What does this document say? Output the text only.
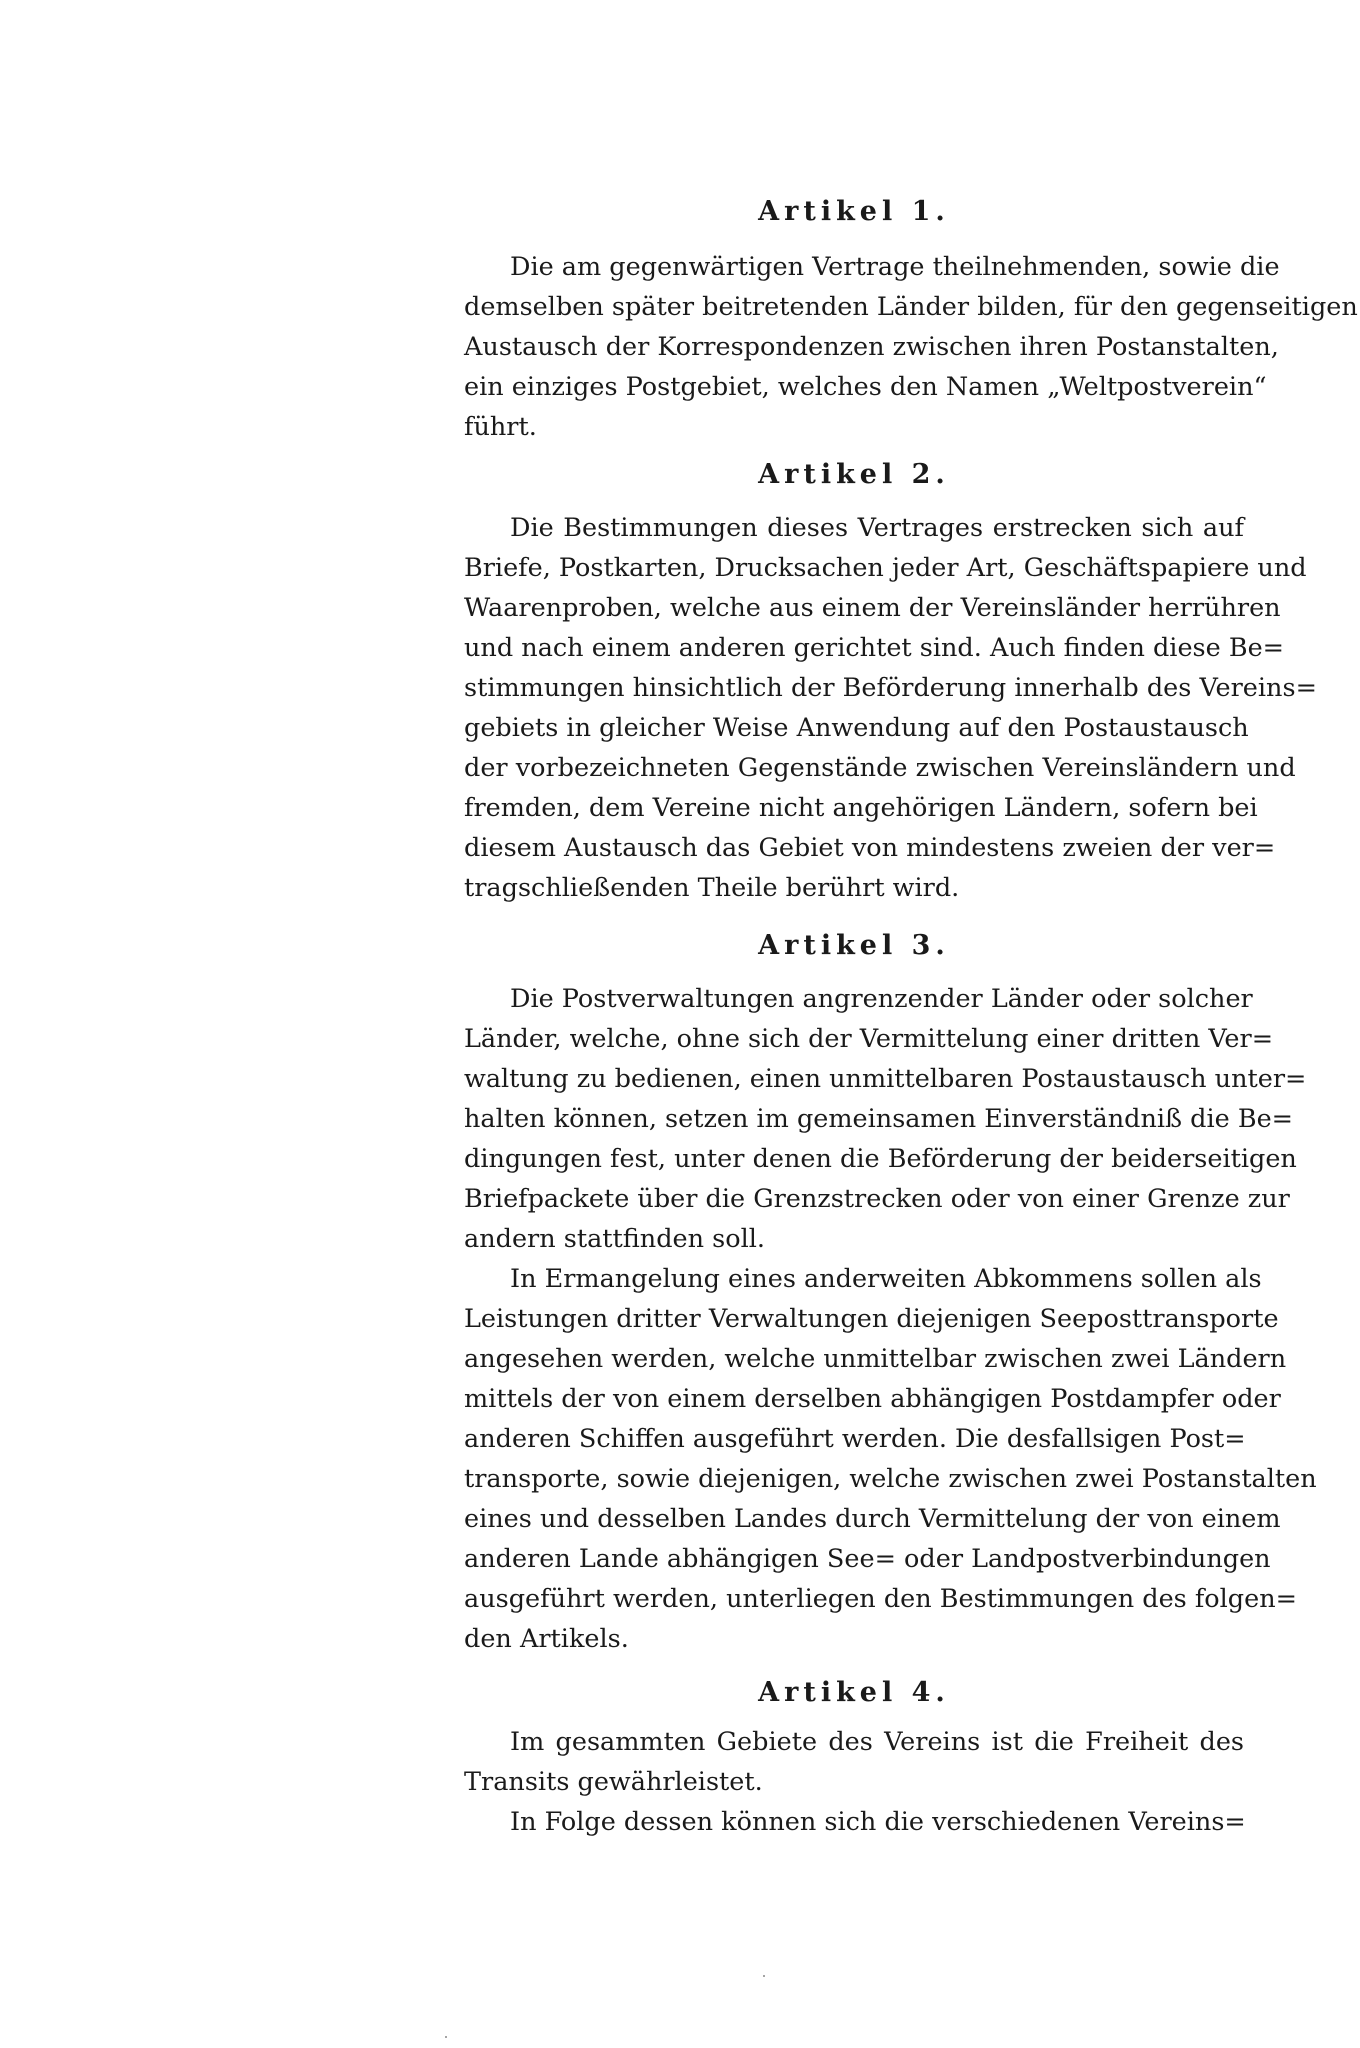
Artikel 1.

Die am gegenwärtigen Vertrage theilnehmenden, sowie die
demselben später beitretenden Länder bilden, für den gegenseitigen
Austausch der Korrespondenzen zwischen ihren Postanstalten,
ein einziges Postgebiet, welches den Namen „Weltpostverein“
führt.

Artikel 2.

Die Bestimmungen dieses Vertrages erstrecken sich auf
Briefe, Postkarten, Drucksachen jeder Art, Geschäftspapiere und
Waarenproben, welche aus einem der Vereinsländer herrühren
und nach einem anderen gerichtet sind. Auch finden diese Be=
stimmungen hinsichtlich der Beförderung innerhalb des Vereins=
gebiets in gleicher Weise Anwendung auf den Postaustausch
der vorbezeichneten Gegenstände zwischen Vereinsländern und
fremden, dem Vereine nicht angehörigen Ländern, sofern bei
diesem Austausch das Gebiet von mindestens zweien der ver=
tragschließenden Theile berührt wird.

Artikel 3.

Die Postverwaltungen angrenzender Länder oder solcher
Länder, welche, ohne sich der Vermittelung einer dritten Ver=
waltung zu bedienen, einen unmittelbaren Postaustausch unter=
halten können, setzen im gemeinsamen Einverständniß die Be=
dingungen fest, unter denen die Beförderung der beiderseitigen
Briefpackete über die Grenzstrecken oder von einer Grenze zur
andern stattfinden soll.

In Ermangelung eines anderweiten Abkommens sollen als
Leistungen dritter Verwaltungen diejenigen Seeposttransporte
angesehen werden, welche unmittelbar zwischen zwei Ländern
mittels der von einem derselben abhängigen Postdampfer oder
anderen Schiffen ausgeführt werden. Die desfallsigen Post=
transporte, sowie diejenigen, welche zwischen zwei Postanstalten
eines und desselben Landes durch Vermittelung der von einem
anderen Lande abhängigen See= oder Landpostverbindungen
ausgeführt werden, unterliegen den Bestimmungen des folgen=
den Artikels.

Artikel 4.

Im gesammten Gebiete des Vereins ist die Freiheit des
Transits gewährleistet.

In Folge dessen können sich die verschiedenen Vereins=
